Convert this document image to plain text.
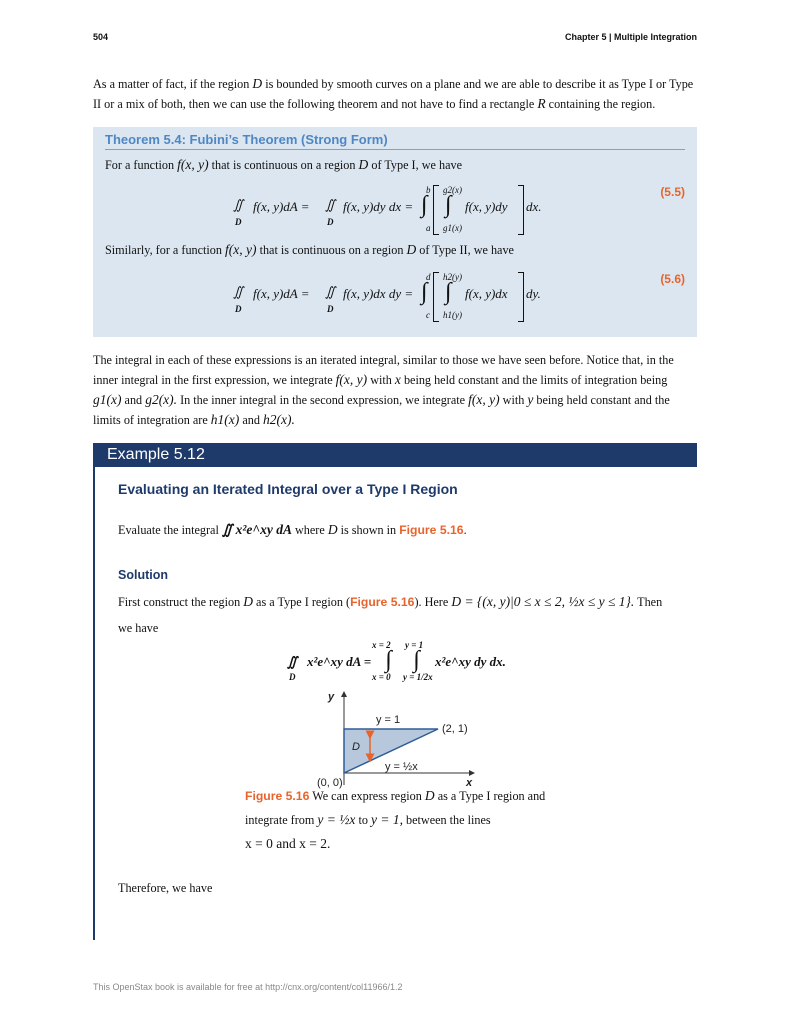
504	Chapter 5 | Multiple Integration
As a matter of fact, if the region D is bounded by smooth curves on a plane and we are able to describe it as Type I or Type
II or a mix of both, then we can use the following theorem and not have to find a rectangle R containing the region.
Theorem 5.4: Fubini’s Theorem (Strong Form)
For a function f(x, y) that is continuous on a region D of Type I, we have
(5.5)
∬
D
f(x, y)dA = ∬
D
f(x, y)dy dx = ∫
b
a
g2(x)
∫
g1(x)
f(x, y)dy dx.
Similarly, for a function f(x, y) that is continuous on a region D of Type II, we have
(5.6)
∬
D
f(x, y)dA = ∬
D
f(x, y)dx dy = ∫
d
c
h2(y)
∫
h1(y)
f(x, y)dx dy.
The integral in each of these expressions is an iterated integral, similar to those we have seen before. Notice that, in the
inner integral in the first expression, we integrate f(x, y) with x being held constant and the limits of integration being
g1(x) and g2(x). In the inner integral in the second expression, we integrate f(x, y) with y being held constant and the
limits of integration are h1(x) and h2(x).
Example 5.12
Evaluating an Iterated Integral over a Type I Region
Evaluate the integral ∬ x²e^xy dA where D is shown in Figure 5.16.
Solution
First construct the region D as a Type I region (Figure 5.16). Here D = {(x, y)|0 ≤ x ≤ 2, ½x ≤ y ≤ 1}. Then
we have
∬
D
x²e^xy dA =
x = 2
∫
x = 0
y = 1
∫
y = 1/2x
x²e^xy dy dx.
y
x
y = 1
(2, 1)
D
y = ½x
(0, 0)
Figure 5.16 We can express region D as a Type I region and
integrate from y = ½x to y = 1, between the lines
x = 0 and x = 2.
Therefore, we have
This OpenStax book is available for free at http://cnx.org/content/col11966/1.2
